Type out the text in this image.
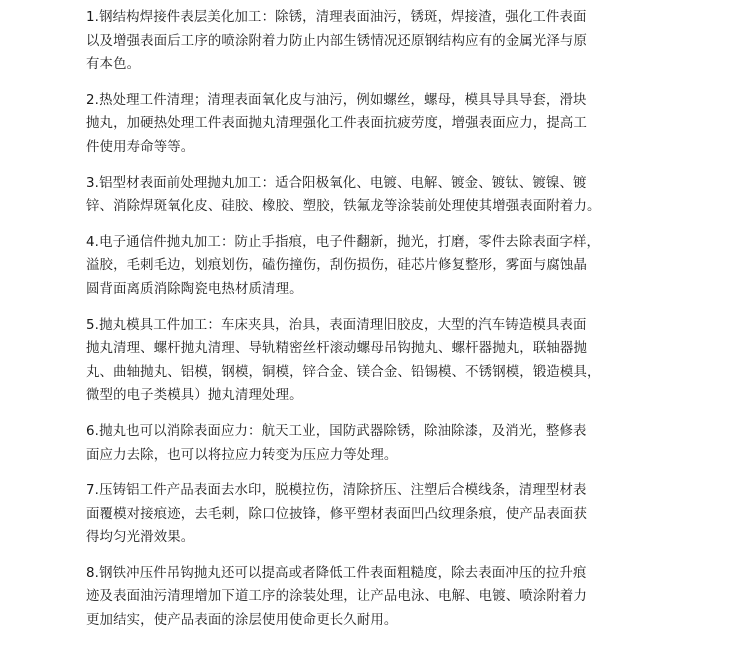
1.钢结构焊接件表层美化加工：除锈，清理表面油污，锈斑，焊接渣，强化工件表面
以及增强表面后工序的喷涂附着力防止内部生锈情况还原钢结构应有的金属光泽与原
有本色。

2.热处理工件清理；清理表面氧化皮与油污，例如螺丝，螺母，模具导具导套，滑块
抛丸，加硬热处理工件表面抛丸清理强化工件表面抗疲劳度，增强表面应力，提高工
件使用寿命等等。

3.铝型材表面前处理抛丸加工：适合阳极氧化、电镀、电解、镀金、镀钛、镀镍、镀
锌、消除焊斑氧化皮、硅胶、橡胶、塑胶，铁氟龙等涂装前处理使其增强表面附着力。

4.电子通信件抛丸加工：防止手指痕，电子件翻新，抛光，打磨，零件去除表面字样，
溢胶，毛刺毛边，划痕划伤，磕伤撞伤，刮伤损伤，硅芯片修复整形，雾面与腐蚀晶
圆背面离质消除陶瓷电热材质清理。

5.抛丸模具工件加工：车床夹具，治具，表面清理旧胶皮，大型的汽车铸造模具表面
抛丸清理、螺杆抛丸清理、导轨精密丝杆滚动螺母吊钩抛丸、螺杆器抛丸，联轴器抛
丸、曲轴抛丸、铝模，钢模，铜模，锌合金、镁合金、铅锡模、不锈钢模，锻造模具，
微型的电子类模具）抛丸清理处理。

6.抛丸也可以消除表面应力：航天工业，国防武器除锈，除油除漆，及消光，整修表
面应力去除，也可以将拉应力转变为压应力等处理。

7.压铸铝工件产品表面去水印，脱模拉伤，清除挤压、注塑后合模线条，清理型材表
面覆模对接痕迹，去毛刺，除口位披锋，修平塑材表面凹凸纹理条痕，使产品表面获
得均匀光滑效果。

8.钢铁冲压件吊钩抛丸还可以提高或者降低工件表面粗糙度，除去表面冲压的拉升痕
迹及表面油污清理增加下道工序的涂装处理，让产品电泳、电解、电镀、喷涂附着力
更加结实，使产品表面的涂层使用使命更长久耐用。
